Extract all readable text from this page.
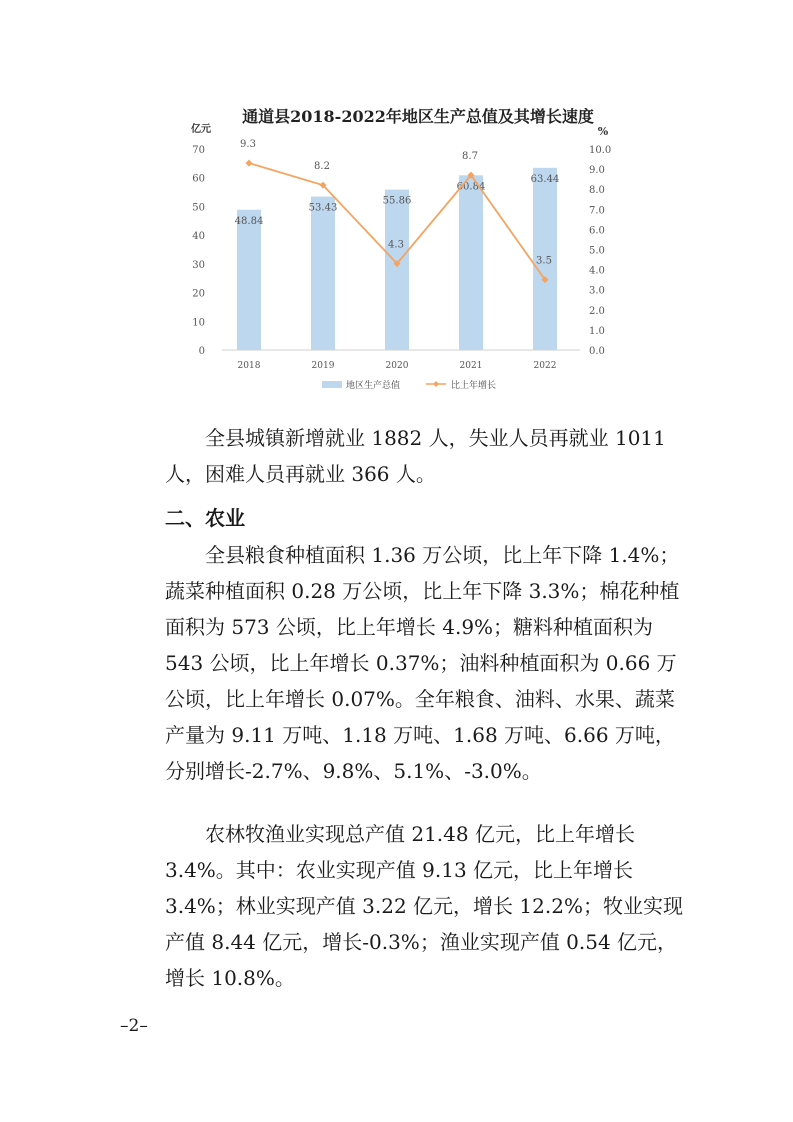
通道县2018-2022年地区生产总值及其增长速度
亿元	%
0
10
20
30
40
50
60
70
0.0
1.0
2.0
3.0
4.0
5.0
6.0
7.0
8.0
9.0
10.0
48.84
53.43
55.86
60.84
63.44
9.3
8.2
4.3
8.7
3.5
2018	2019	2020	2021	2022
地区生产总值	比上年增长

全县城镇新增就业 1882 人，失业人员再就业 1011 人，困难人员再就业 366 人。

二、农业

全县粮食种植面积 1.36 万公顷，比上年下降 1.4%；蔬菜种植面积 0.28 万公顷，比上年下降 3.3%；棉花种植面积为 573 公顷，比上年增长 4.9%；糖料种植面积为 543 公顷，比上年增长 0.37%；油料种植面积为 0.66 万公顷，比上年增长 0.07%。全年粮食、油料、水果、蔬菜产量为 9.11 万吨、1.18 万吨、1.68 万吨、6.66 万吨，分别增长-2.7%、9.8%、5.1%、-3.0%。

农林牧渔业实现总产值 21.48 亿元，比上年增长 3.4%。其中：农业实现产值 9.13 亿元，比上年增长 3.4%；林业实现产值 3.22 亿元，增长 12.2%；牧业实现产值 8.44 亿元，增长-0.3%；渔业实现产值 0.54 亿元，增长 10.8%。

–2–
